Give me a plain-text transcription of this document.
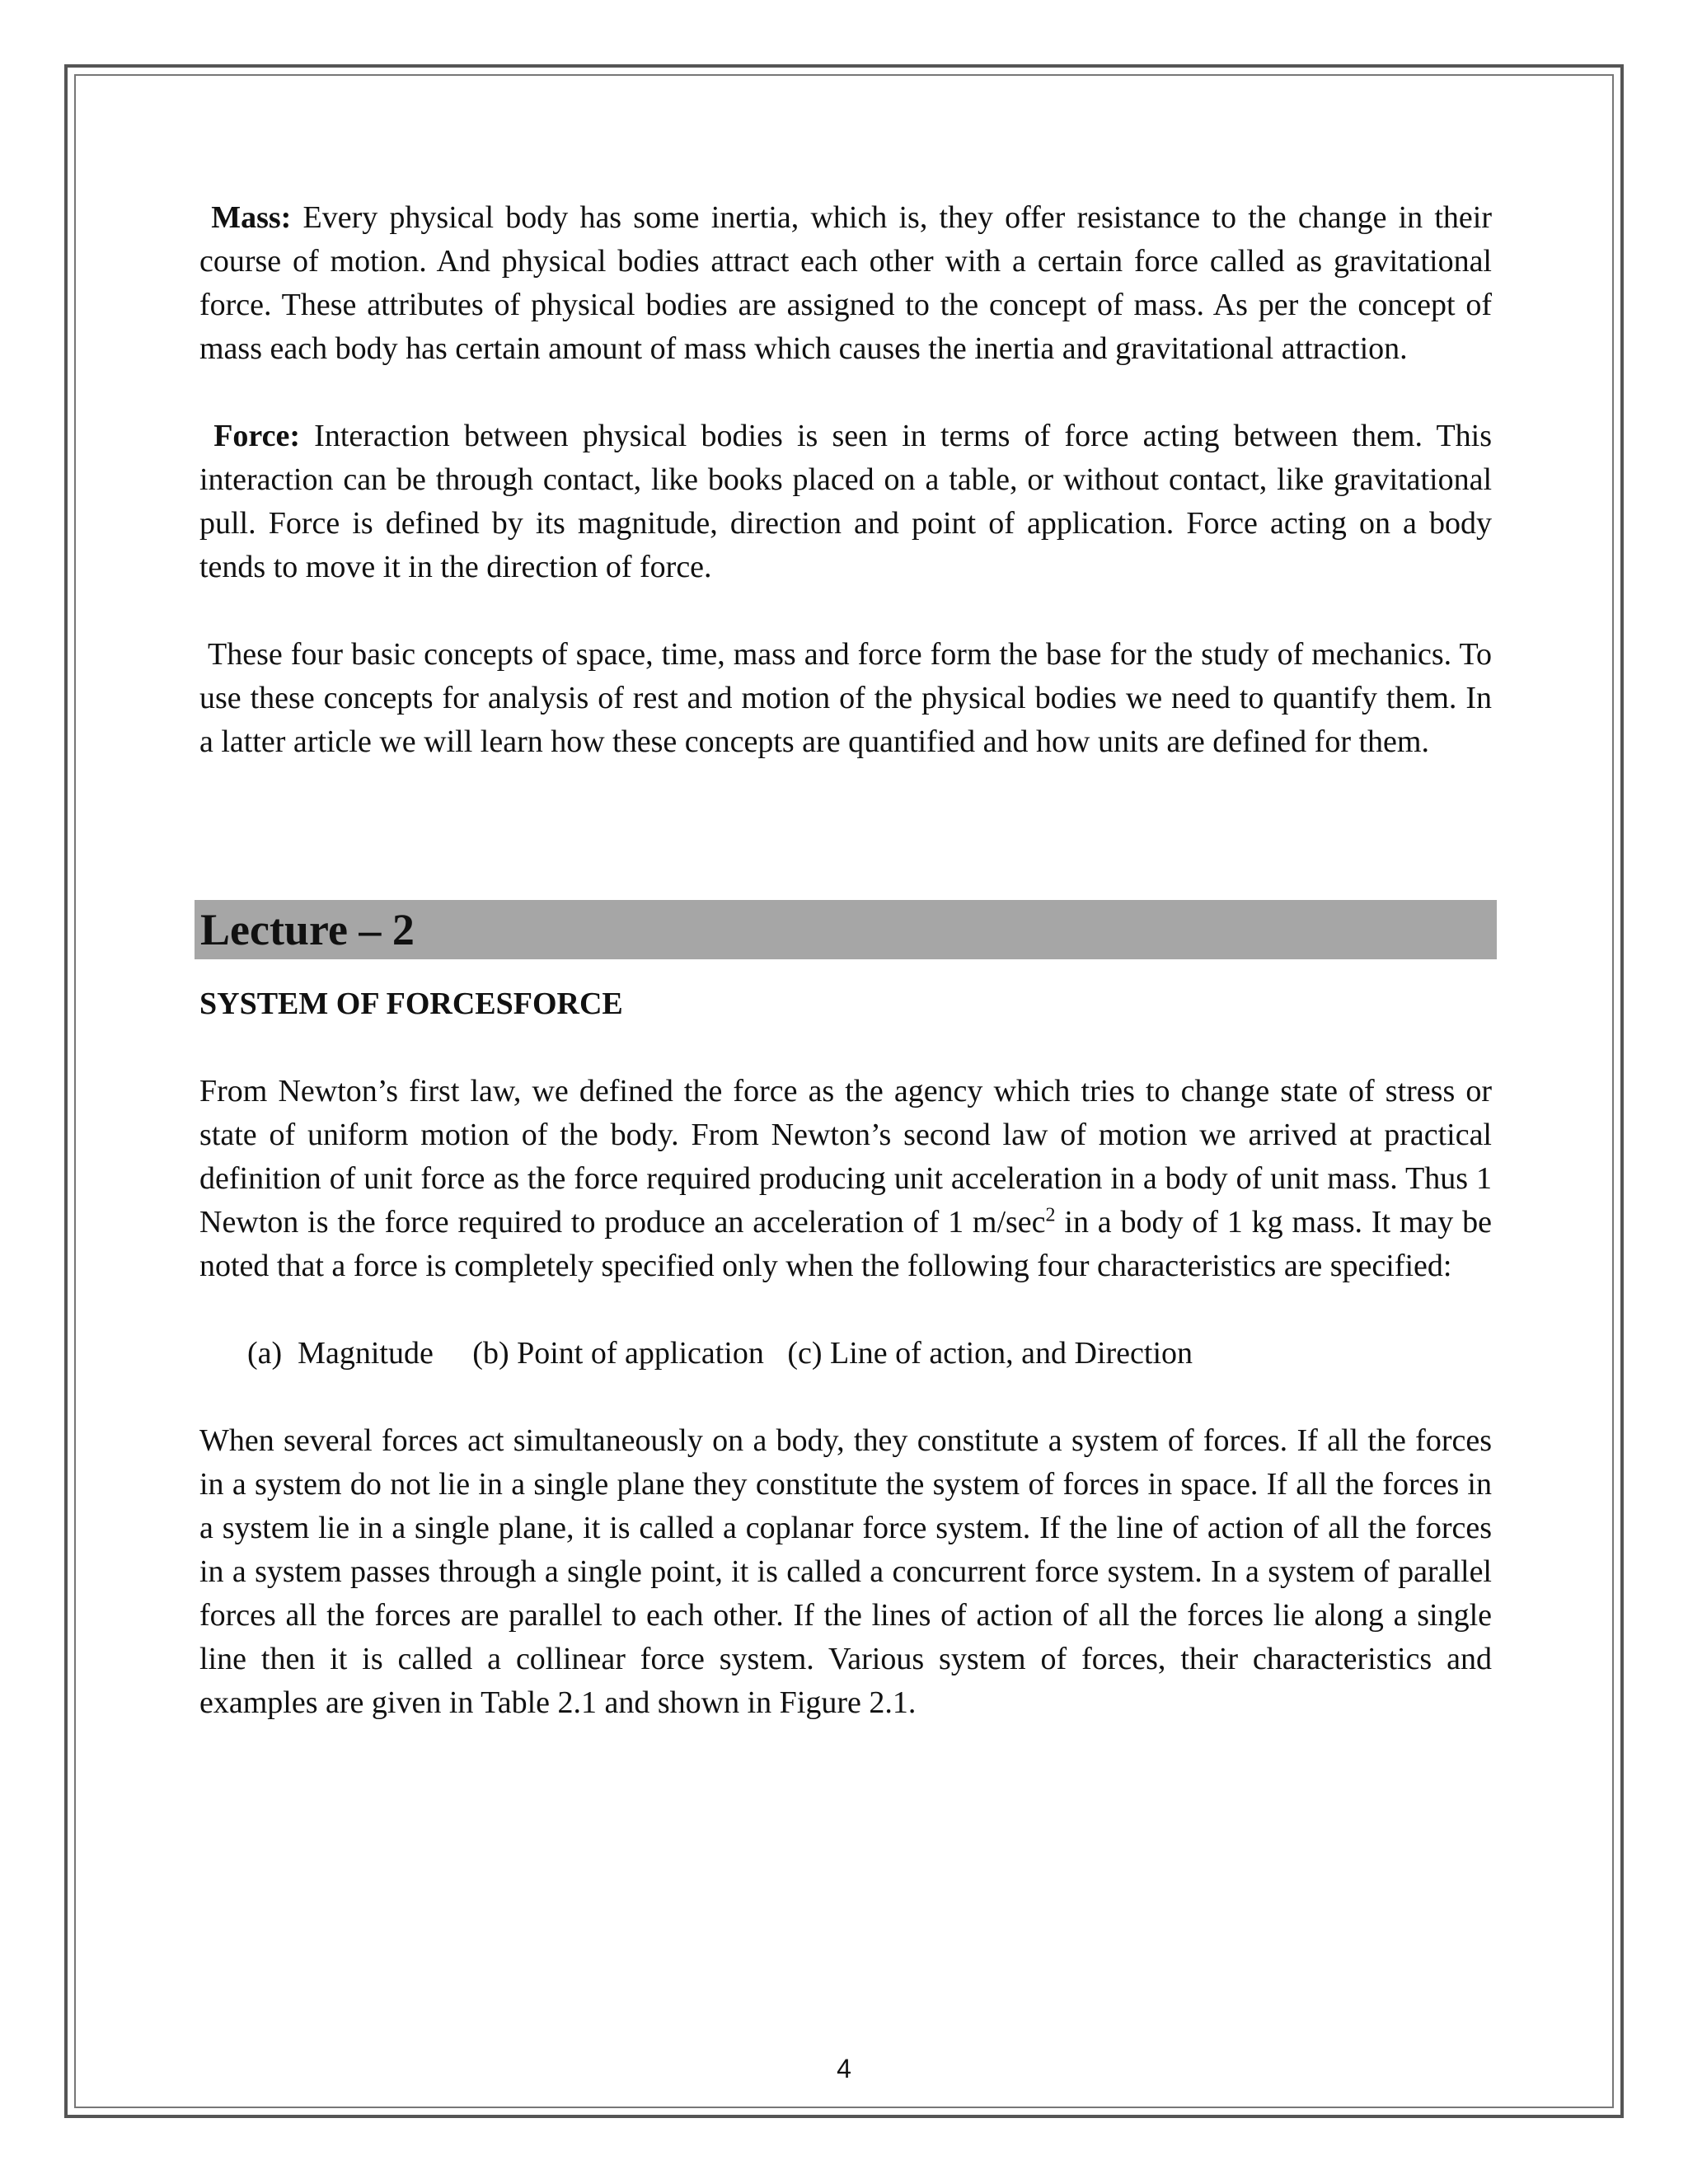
Mass: Every physical body has some inertia, which is, they offer resistance to the change in their course of motion. And physical bodies attract each other with a certain force called as gravitational force. These attributes of physical bodies are assigned to the concept of mass. As per the concept of mass each body has certain amount of mass which causes the inertia and gravitational attraction.

Force: Interaction between physical bodies is seen in terms of force acting between them. This interaction can be through contact, like books placed on a table, or without contact, like gravitational pull. Force is defined by its magnitude, direction and point of application. Force acting on a body tends to move it in the direction of force.

These four basic concepts of space, time, mass and force form the base for the study of mechanics. To use these concepts for analysis of rest and motion of the physical bodies we need to quantify them. In a latter article we will learn how these concepts are quantified and how units are defined for them.

Lecture – 2
SYSTEM OF FORCESFORCE

From Newton’s first law, we defined the force as the agency which tries to change state of stress or state of uniform motion of the body. From Newton’s second law of motion we arrived at practical definition of unit force as the force required producing unit acceleration in a body of unit mass. Thus 1 Newton is the force required to produce an acceleration of 1 $m/\sec^2$ in a body of 1 kg mass. It may be noted that a force is completely specified only when the following four characteristics are specified:

(a)  Magnitude     (b) Point of application   (c) Line of action, and Direction

When several forces act simultaneously on a body, they constitute a system of forces. If all the forces in a system do not lie in a single plane they constitute the system of forces in space. If all the forces in a system lie in a single plane, it is called a coplanar force system. If the line of action of all the forces in a system passes through a single point, it is called a concurrent force system. In a system of parallel forces all the forces are parallel to each other. If the lines of action of all the forces lie along a single line then it is called a collinear force system. Various system of forces, their characteristics and examples are given in Table 2.1 and shown in Figure 2.1.

4
